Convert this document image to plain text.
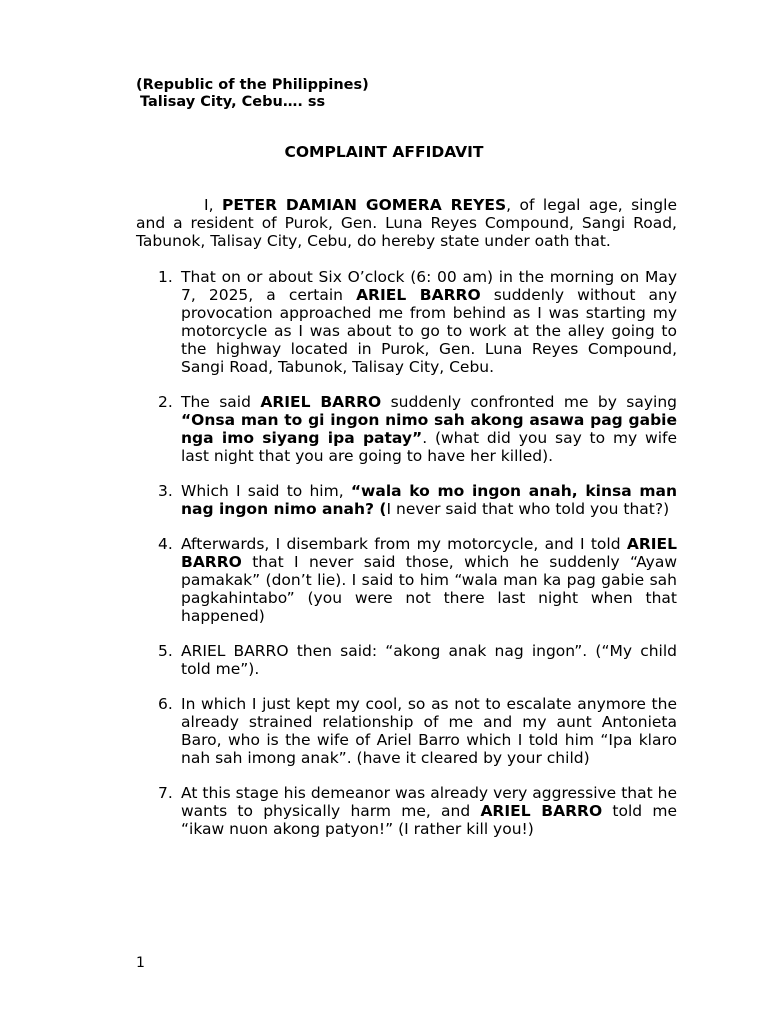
(Republic of the Philippines)
Talisay City, Cebu…. ss
COMPLAINT AFFIDAVIT

I, PETER DAMIAN GOMERA REYES, of legal age, single and a resident of Purok, Gen. Luna Reyes Compound, Sangi Road, Tabunok, Talisay City, Cebu, do hereby state under oath that.

1. That on or about Six O’clock (6: 00 am) in the morning on May 7, 2025, a certain ARIEL BARRO suddenly without any provocation approached me from behind as I was starting my motorcycle as I was about to go to work at the alley going to the highway located in Purok, Gen. Luna Reyes Compound, Sangi Road, Tabunok, Talisay City, Cebu.
2. The said ARIEL BARRO suddenly confronted me by saying “Onsa man to gi ingon nimo sah akong asawa pag gabie nga imo siyang ipa patay”. (what did you say to my wife last night that you are going to have her killed).
3. Which I said to him, “wala ko mo ingon anah, kinsa man nag ingon nimo anah? (I never said that who told you that?)
4. Afterwards, I disembark from my motorcycle, and I told ARIEL BARRO that I never said those, which he suddenly “Ayaw pamakak” (don’t lie). I said to him “wala man ka pag gabie sah pagkahintabo” (you were not there last night when that happened)
5. ARIEL BARRO then said: “akong anak nag ingon”. (“My child told me”).
6. In which I just kept my cool, so as not to escalate anymore the already strained relationship of me and my aunt Antonieta Baro, who is the wife of Ariel Barro which I told him “Ipa klaro nah sah imong anak”. (have it cleared by your child)
7. At this stage his demeanor was already very aggressive that he wants to physically harm me, and ARIEL BARRO told me “ikaw nuon akong patyon!” (I rather kill you!)
1
